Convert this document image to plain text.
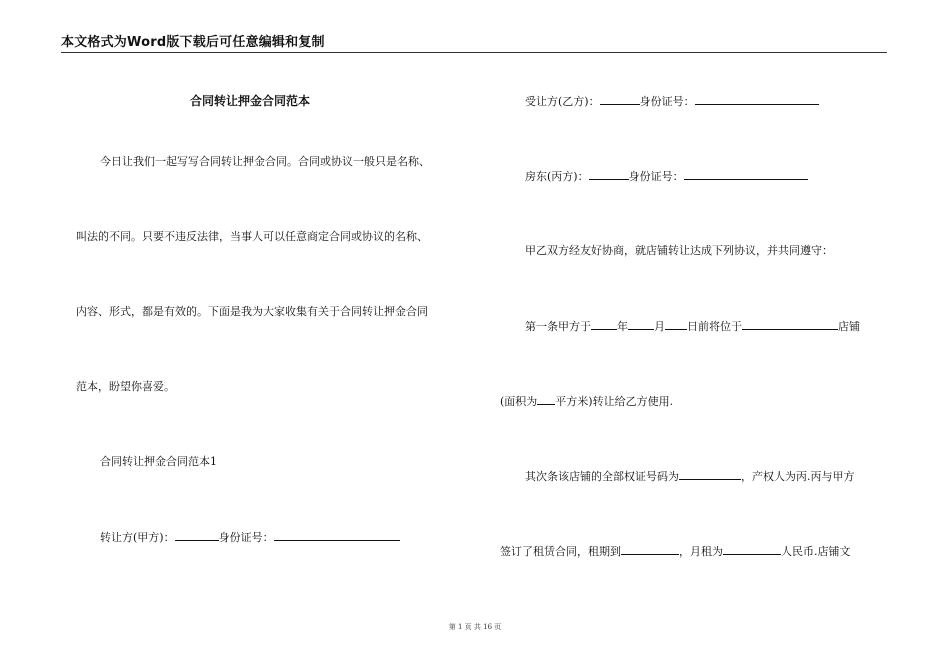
本文格式为Word版下载后可任意编辑和复制
合同转让押金合同范本
今日让我们一起写写合同转让押金合同。合同或协议一般只是名称、
叫法的不同。只要不违反法律，当事人可以任意商定合同或协议的名称、
内容、形式，都是有效的。下面是我为大家收集有关于合同转让押金合同
范本，盼望你喜爱。
合同转让押金合同范本1
转让方(甲方)：	身份证号：
受让方(乙方)：	身份证号：
房东(丙方)：	身份证号：
甲乙双方经友好协商，就店铺转让达成下列协议，并共同遵守：
第一条甲方于 年 月 日前将位于	店铺
(面积为 平方米)转让给乙方使用.
其次条该店铺的全部权证号码为	，产权人为丙.丙与甲方
签订了租赁合同，租期到	，月租为	人民币.店铺文
第 1 页 共 16 页
